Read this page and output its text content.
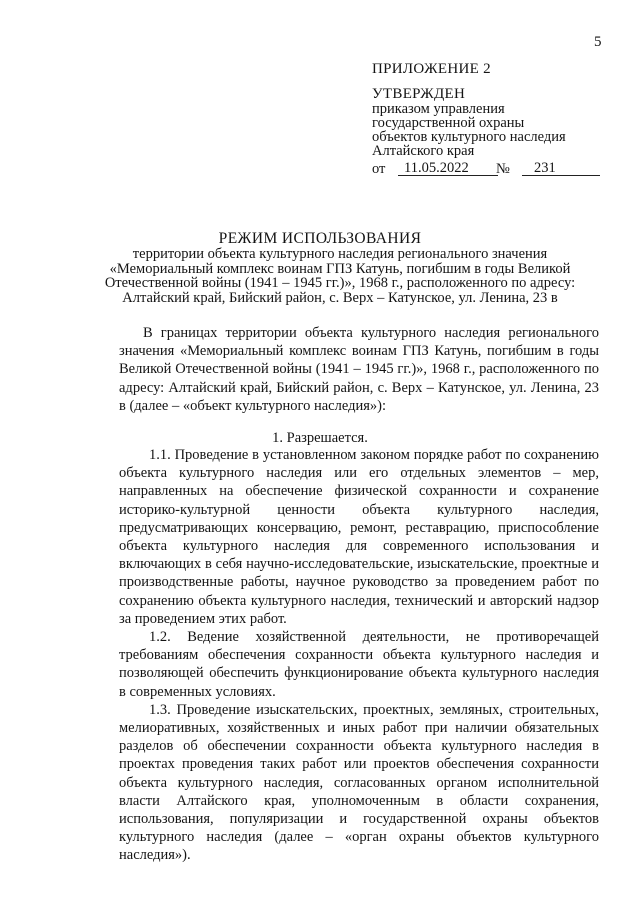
5
ПРИЛОЖЕНИЕ 2
УТВЕРЖДЕН
приказом управления
государственной охраны
объектов культурного наследия
Алтайского края
от 11.05.2022 № 231
РЕЖИМ ИСПОЛЬЗОВАНИЯ
территории объекта культурного наследия регионального значения «Мемориальный комплекс воинам ГПЗ Катунь, погибшим в годы Великой Отечественной войны (1941 – 1945 гг.)», 1968 г., расположенного по адресу: Алтайский край, Бийский район, с. Верх – Катунское, ул. Ленина, 23 в

В границах территории объекта культурного наследия регионального значения «Мемориальный комплекс воинам ГПЗ Катунь, погибшим в годы Великой Отечественной войны (1941 – 1945 гг.)», 1968 г., расположенного по адресу: Алтайский край, Бийский район, с. Верх – Катунское, ул. Ленина, 23 в (далее – «объект культурного наследия»):

1. Разрешается.

1.1. Проведение в установленном законом порядке работ по сохранению объекта культурного наследия или его отдельных элементов – мер, направленных на обеспечение физической сохранности и сохранение историко-культурной ценности объекта культурного наследия, предусматривающих консервацию, ремонт, реставрацию, приспособление объекта культурного наследия для современного использования и включающих в себя научно-исследовательские, изыскательские, проектные и производственные работы, научное руководство за проведением работ по сохранению объекта культурного наследия, технический и авторский надзор за проведением этих работ.

1.2. Ведение хозяйственной деятельности, не противоречащей требованиям обеспечения сохранности объекта культурного наследия и позволяющей обеспечить функционирование объекта культурного наследия в современных условиях.

1.3. Проведение изыскательских, проектных, земляных, строительных, мелиоративных, хозяйственных и иных работ при наличии обязательных разделов об обеспечении сохранности объекта культурного наследия в проектах проведения таких работ или проектов обеспечения сохранности объекта культурного наследия, согласованных органом исполнительной власти Алтайского края, уполномоченным в области сохранения, использования, популяризации и государственной охраны объектов культурного наследия (далее – «орган охраны объектов культурного наследия»).
